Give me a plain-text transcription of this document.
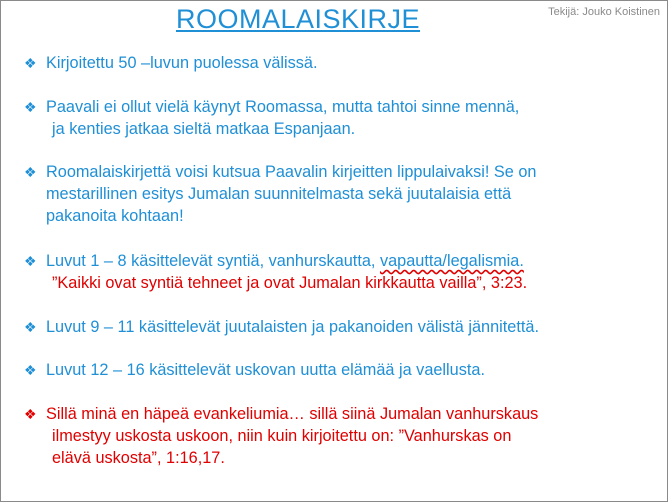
ROOMALAISKIRJE	Tekijä: Jouko Koistinen
❖ Kirjoitettu 50 –luvun puolessa välissä.
❖ Paavali ei ollut vielä käynyt Roomassa, mutta tahtoi sinne mennä,
ja kenties jatkaa sieltä matkaa Espanjaan.
❖ Roomalaiskirjettä voisi kutsua Paavalin kirjeitten lippulaivaksi! Se on
mestarillinen esitys Jumalan suunnitelmasta sekä juutalaisia että
pakanoita kohtaan!
❖ Luvut 1 – 8 käsittelevät syntiä, vanhurskautta, vapautta/legalismia.
”Kaikki ovat syntiä tehneet ja ovat Jumalan kirkkautta vailla”, 3:23.
❖ Luvut 9 – 11 käsittelevät juutalaisten ja pakanoiden välistä jännitettä.
❖ Luvut 12 – 16 käsittelevät uskovan uutta elämää ja vaellusta.
❖ Sillä minä en häpeä evankeliumia… sillä siinä Jumalan vanhurskaus
ilmestyy uskosta uskoon, niin kuin kirjoitettu on: ”Vanhurskas on
elävä uskosta”, 1:16,17.
